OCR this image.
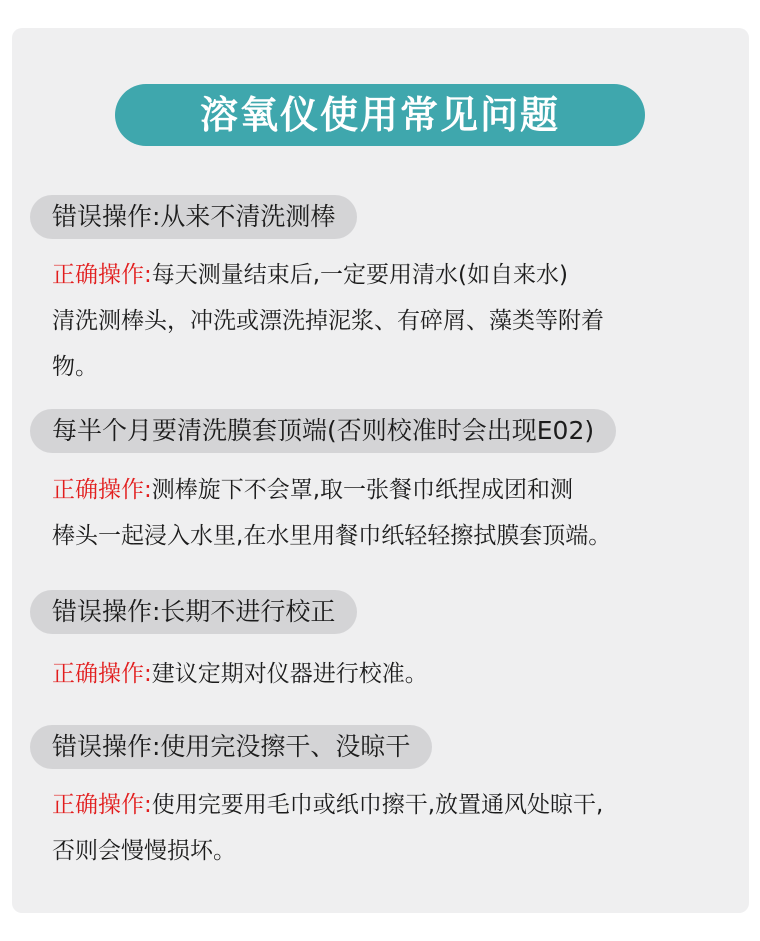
溶氧仪使用常见问题
错误操作:从来不清洗测棒
正确操作:每天测量结束后,一定要用清水(如自来水)
清洗测棒头，冲洗或漂洗掉泥浆、有碎屑、藻类等附着
物。
每半个月要清洗膜套顶端(否则校准时会出现E02)
正确操作:测棒旋下不会罩,取一张餐巾纸捏成团和测
棒头一起浸入水里,在水里用餐巾纸轻轻擦拭膜套顶端。
错误操作:长期不进行校正
正确操作:建议定期对仪器进行校准。
错误操作:使用完没擦干、没晾干
正确操作:使用完要用毛巾或纸巾擦干,放置通风处晾干,
否则会慢慢损坏。
